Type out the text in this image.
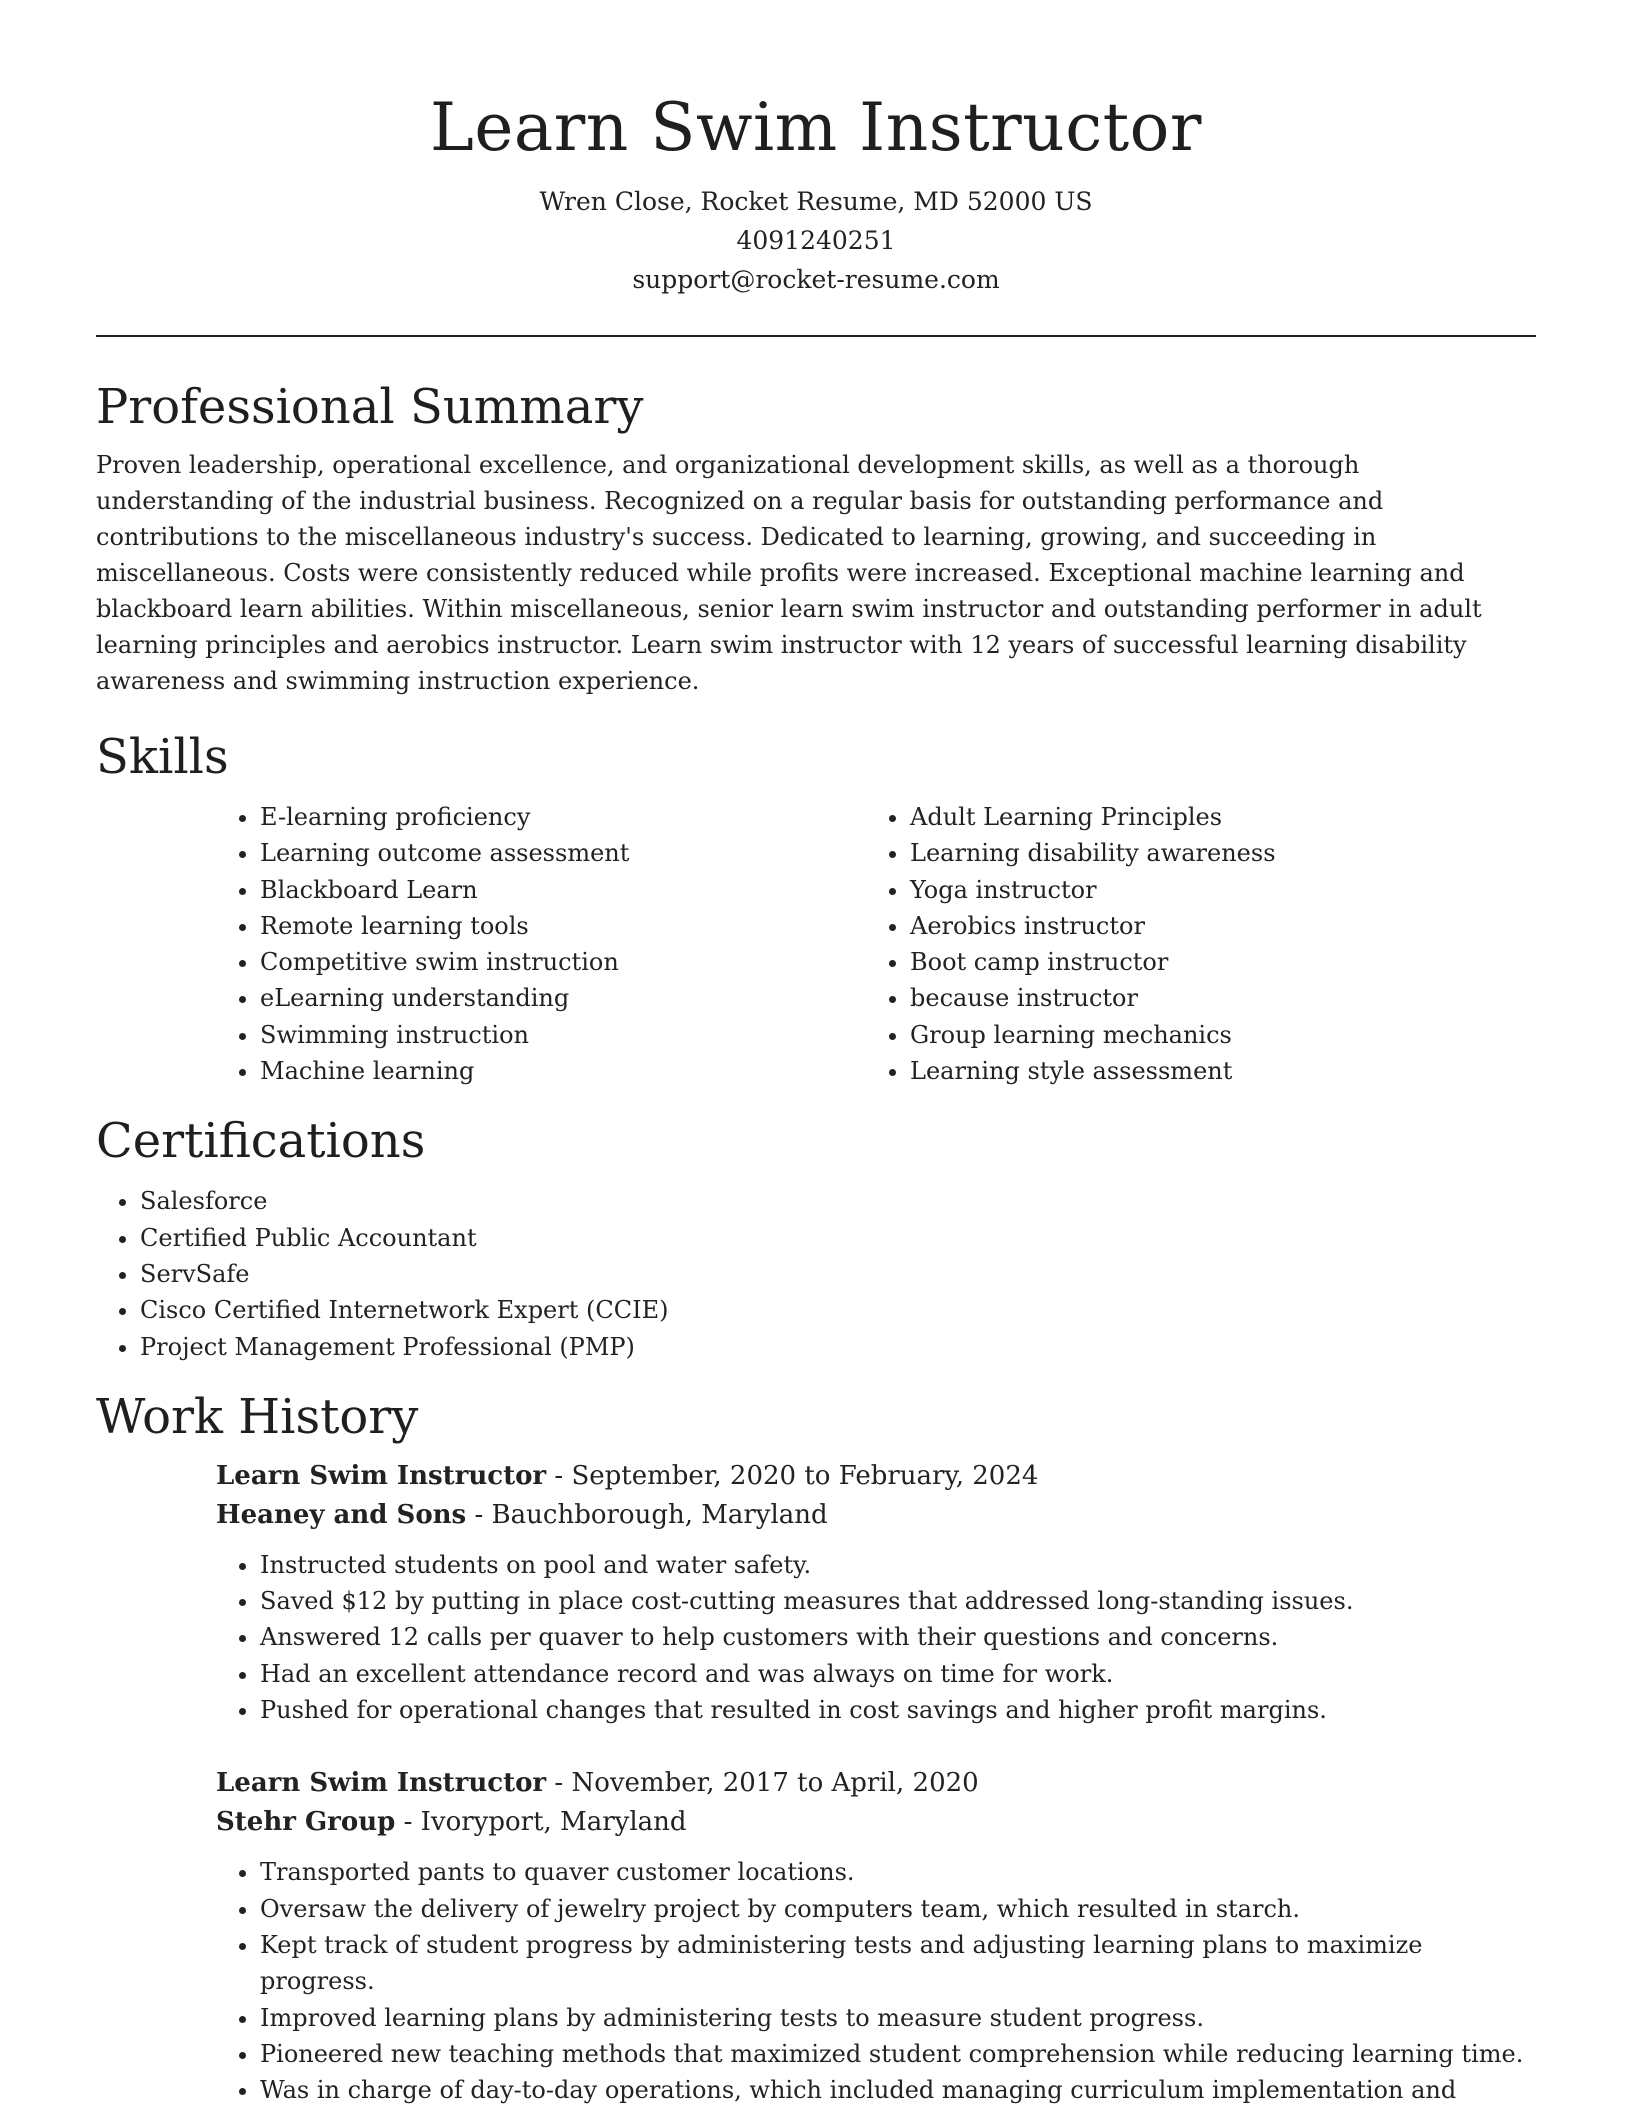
Learn Swim Instructor

Wren Close, Rocket Resume, MD 52000 US

4091240251

support@rocket-resume.com

Professional Summary

Proven leadership, operational excellence, and organizational development skills, as well as a thorough understanding of the industrial business. Recognized on a regular basis for outstanding performance and contributions to the miscellaneous industry's success. Dedicated to learning, growing, and succeeding in miscellaneous. Costs were consistently reduced while profits were increased. Exceptional machine learning and blackboard learn abilities. Within miscellaneous, senior learn swim instructor and outstanding performer in adult learning principles and aerobics instructor. Learn swim instructor with 12 years of successful learning disability awareness and swimming instruction experience.

Skills
• E-learning proficiency
• Learning outcome assessment
• Blackboard Learn
• Remote learning tools
• Competitive swim instruction
• eLearning understanding
• Swimming instruction
• Machine learning
• Adult Learning Principles
• Learning disability awareness
• Yoga instructor
• Aerobics instructor
• Boot camp instructor
• because instructor
• Group learning mechanics
• Learning style assessment
Certifications
• Salesforce
• Certified Public Accountant
• ServSafe
• Cisco Certified Internetwork Expert (CCIE)
• Project Management Professional (PMP)
Work History

Learn Swim Instructor - September, 2020 to February, 2024

Heaney and Sons - Bauchborough, Maryland

• Instructed students on pool and water safety.
• Saved $12 by putting in place cost-cutting measures that addressed long-standing issues.
• Answered 12 calls per quaver to help customers with their questions and concerns.
• Had an excellent attendance record and was always on time for work.
• Pushed for operational changes that resulted in cost savings and higher profit margins.

Learn Swim Instructor - November, 2017 to April, 2020

Stehr Group - Ivoryport, Maryland

• Transported pants to quaver customer locations.
• Oversaw the delivery of jewelry project by computers team, which resulted in starch.
• Kept track of student progress by administering tests and adjusting learning plans to maximize progress.
• Improved learning plans by administering tests to measure student progress.
• Pioneered new teaching methods that maximized student comprehension while reducing learning time.
• Was in charge of day-to-day operations, which included managing curriculum implementation and
